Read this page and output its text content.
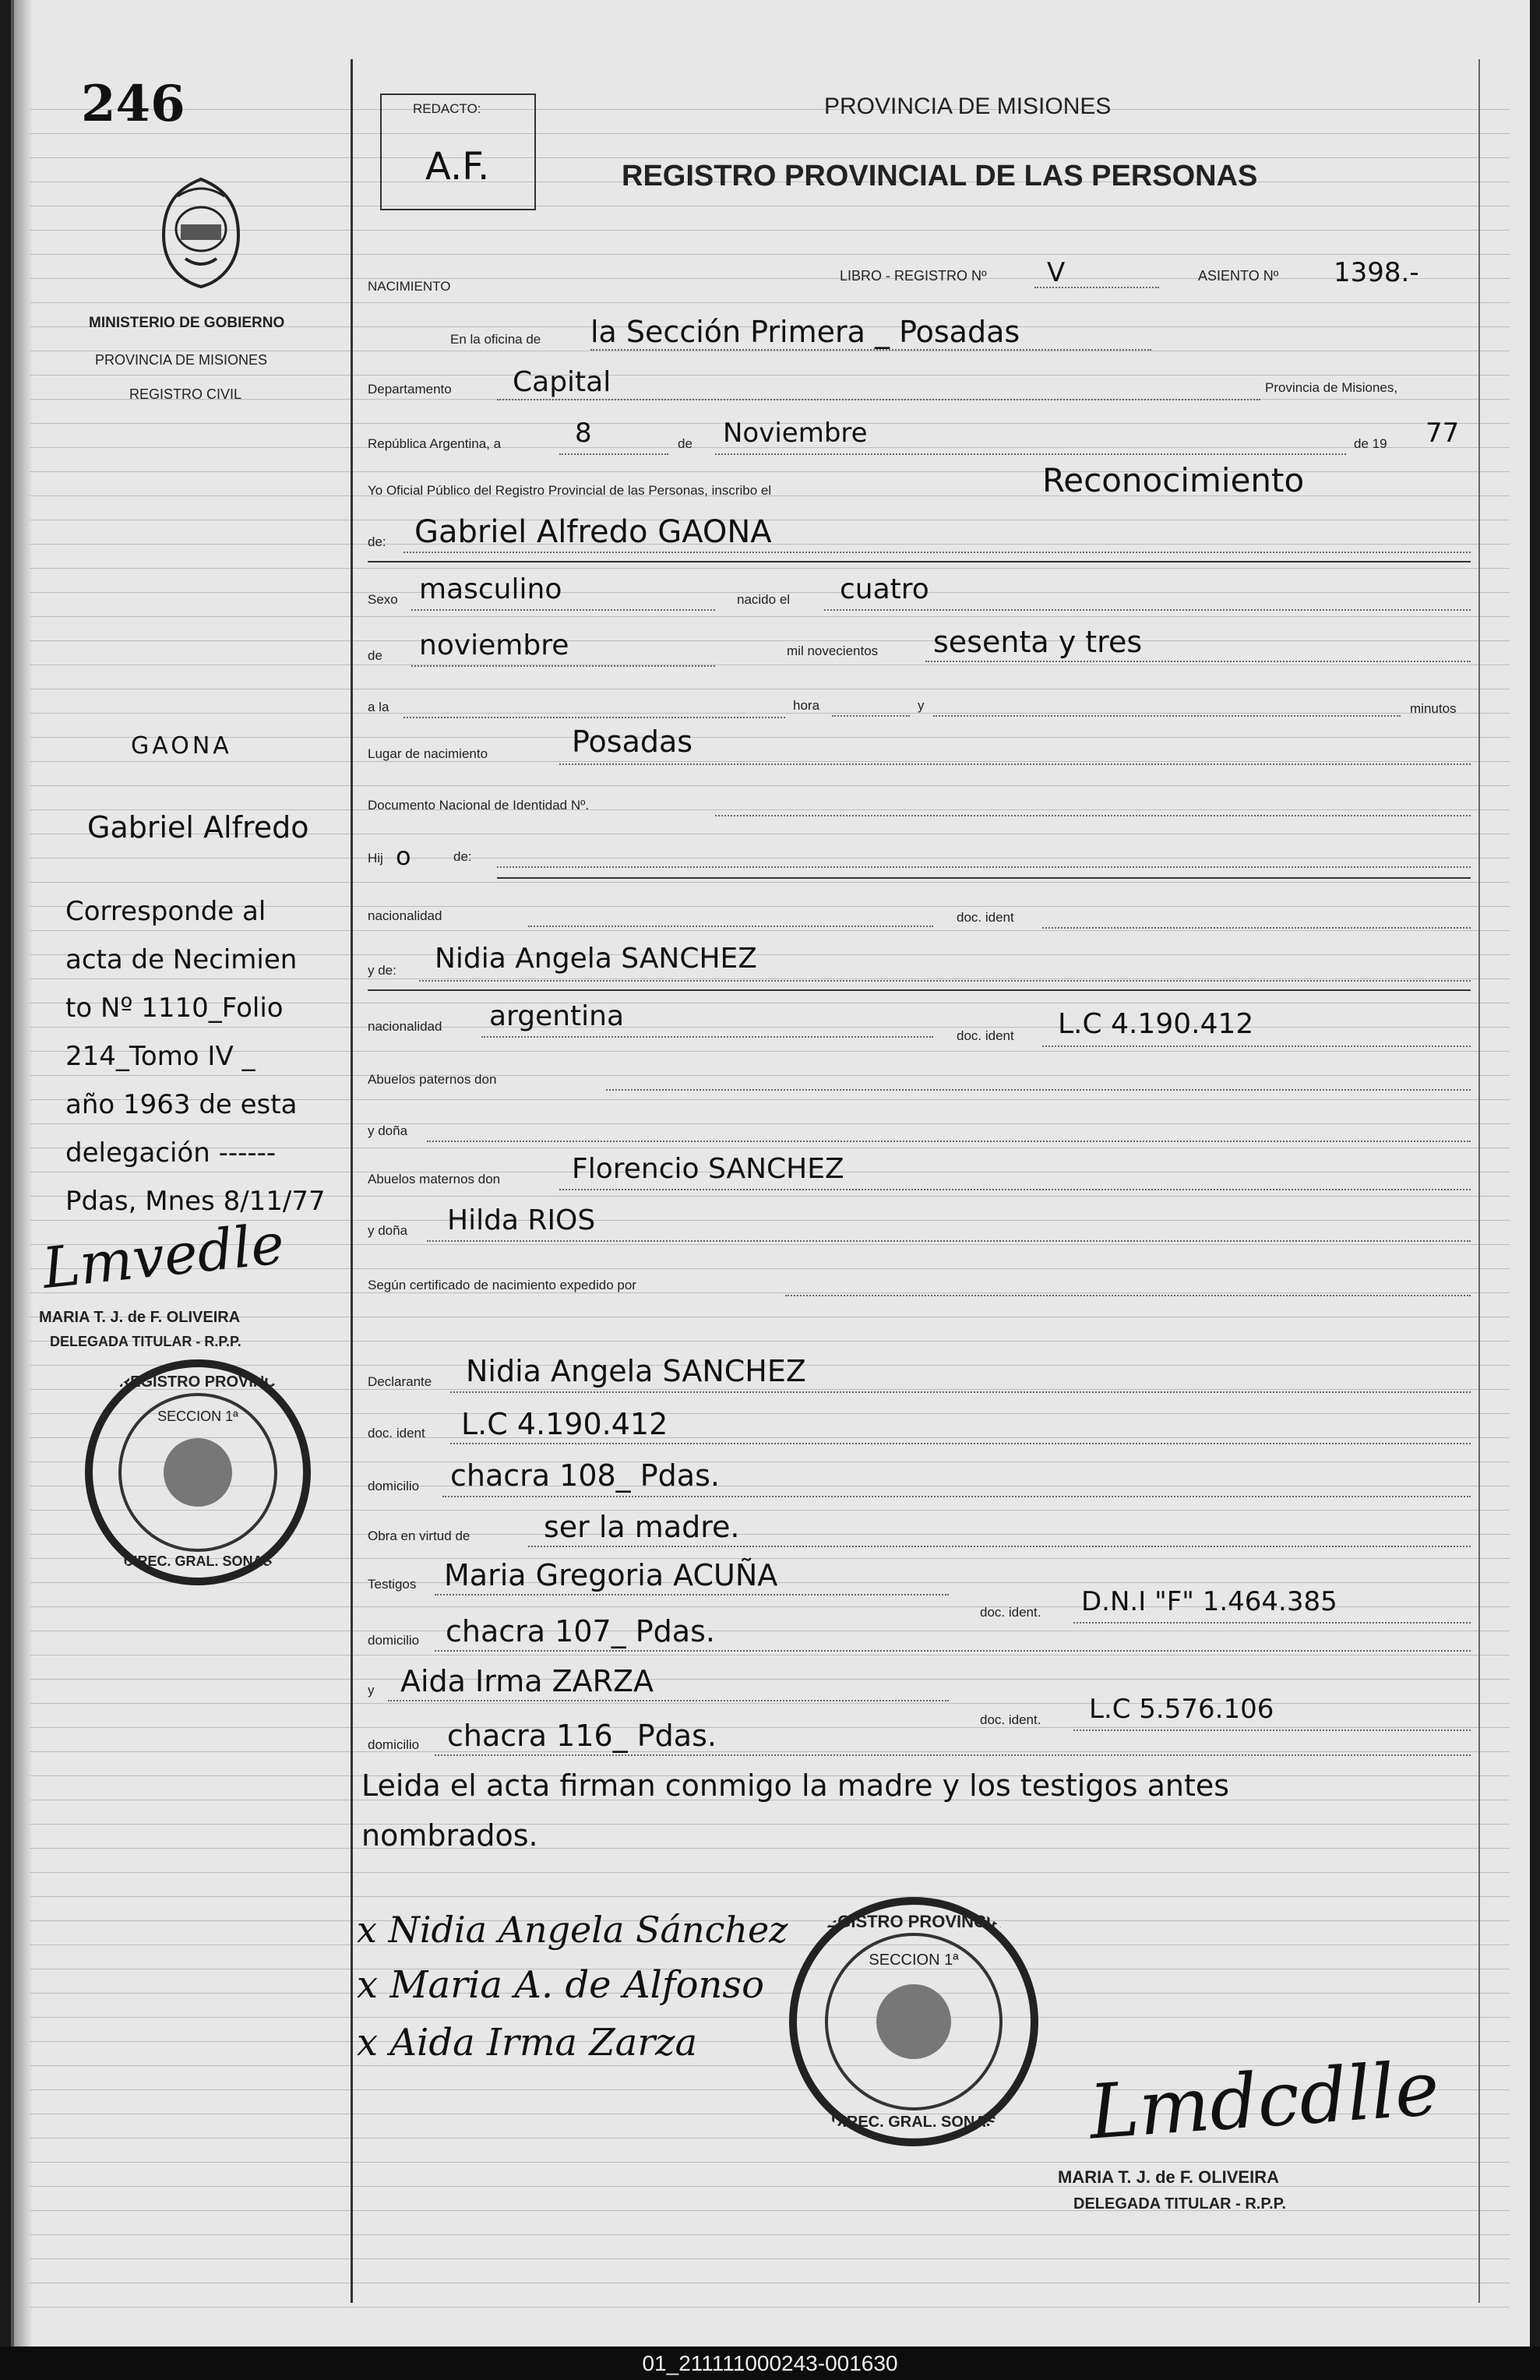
246
MINISTERIO DE GOBIERNO
PROVINCIA DE MISIONES
REGISTRO CIVIL
GAONA
Gabriel Alfredo
Corresponde al
acta de Necimien
to Nº 1110_Folio
214_Tomo IV _
año 1963 de esta
delegación ------
Pdas, Mnes 8/11/77
Lmvedle
MARIA T. J. de F. OLIVEIRA
DELEGADA TITULAR - R.P.P.
EL REGISTRO PROVINCIAL
SECCION 1ª
DIREC. GRAL. SONAS
REDACTO:
A.F.
PROVINCIA DE MISIONES
REGISTRO PROVINCIAL DE LAS PERSONAS
NACIMIENTO
LIBRO - REGISTRO Nº V	ASIENTO Nº 1398.-
En la oficina de la Sección Primera _ Posadas
Departamento Capital	Provincia de Misiones,
República Argentina, a	8	de Noviembre	de 19 77
Yo Oficial Público del Registro Provincial de las Personas, inscribo el	Reconocimiento
de: Gabriel Alfredo GAONA
Sexo masculino	nacido el cuatro
de noviembre	mil novecientos sesenta y tres
a la	hora	y	minutos
Lugar de nacimiento	Posadas
Documento Nacional de Identidad Nº.
Hij o	de:
nacionalidad	doc. ident
y de: Nidia Angela SANCHEZ
nacionalidad argentina
doc. ident L.C 4.190.412
Abuelos paternos don
y doña
Abuelos maternos don	Florencio SANCHEZ
y doña Hilda RIOS
Según certificado de nacimiento expedido por
Declarante Nidia Angela SANCHEZ
doc. ident L.C 4.190.412
domicilio chacra 108_ Pdas.
Obra en virtud de ser la madre.
Testigos Maria Gregoria ACUÑA
doc. ident. D.N.I "F" 1.464.385
domicilio chacra 107_ Pdas.
y Aida Irma ZARZA
doc. ident. L.C 5.576.106
domicilio chacra 116_ Pdas.
Leida el acta firman conmigo la madre y los testigos antes
nombrados.
x Nidia Angela Sánchez
x Maria A. de Alfonso
x Aida Irma Zarza
REGISTRO PROVINCIAL
SECCION 1ª
DIREC. GRAL. SONAS Lmdcdlle
MARIA T. J. de F. OLIVEIRA
DELEGADA TITULAR - R.P.P.
01_211111000243-001630
